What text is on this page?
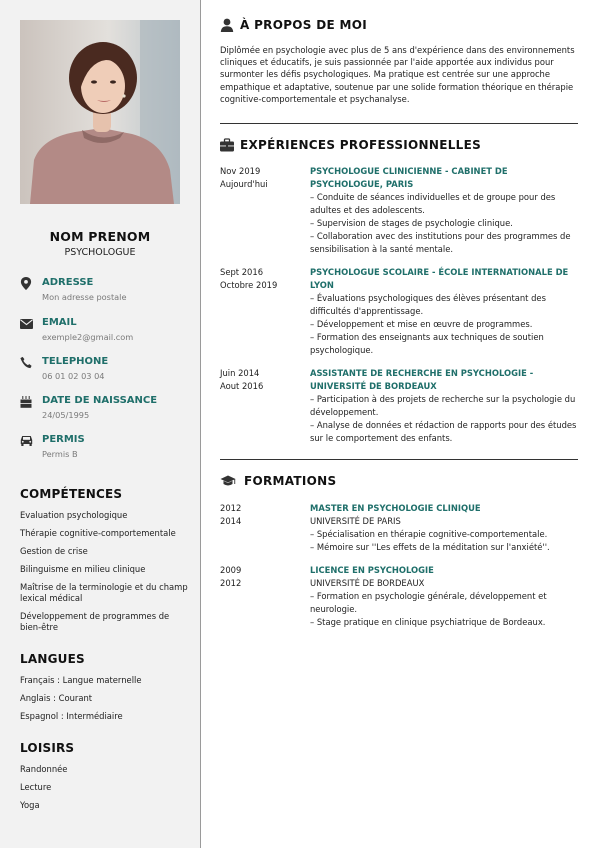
NOM PRENOM
PSYCHOLOGUE
ADRESSE
Mon adresse postale
EMAIL
exemple2@gmail.com
TELEPHONE
06 01 02 03 04
DATE DE NAISSANCE
24/05/1995
PERMIS
Permis B
COMPÉTENCES
Evaluation psychologique
Thérapie cognitive-comportementale
Gestion de crise
Bilinguisme en milieu clinique
Maîtrise de la terminologie et du champ lexical médical
Développement de programmes de bien-être
LANGUES
Français : Langue maternelle
Anglais : Courant
Espagnol : Intermédiaire
LOISIRS
Randonnée
Lecture
Yoga
À PROPOS DE MOI
Diplômée en psychologie avec plus de 5 ans d'expérience dans des environnements cliniques et éducatifs, je suis passionnée par l'aide apportée aux individus pour surmonter les défis psychologiques. Ma pratique est centrée sur une approche empathique et adaptative, soutenue par une solide formation théorique en thérapie cognitive-comportementale et psychanalyse.
EXPÉRIENCES PROFESSIONNELLES
Nov 2019
Aujourd'hui
PSYCHOLOGUE CLINICIENNE - CABINET DE PSYCHOLOGUE, PARIS
– Conduite de séances individuelles et de groupe pour des adultes et des adolescents.
– Supervision de stages de psychologie clinique.
– Collaboration avec des institutions pour des programmes de sensibilisation à la santé mentale.
Sept 2016
Octobre 2019
PSYCHOLOGUE SCOLAIRE - ÉCOLE INTERNATIONALE DE LYON
– Évaluations psychologiques des élèves présentant des difficultés d'apprentissage.
– Développement et mise en œuvre de programmes.
– Formation des enseignants aux techniques de soutien psychologique.
Juin 2014
Aout 2016
ASSISTANTE DE RECHERCHE EN PSYCHOLOGIE - UNIVERSITÉ DE BORDEAUX
– Participation à des projets de recherche sur la psychologie du développement.
– Analyse de données et rédaction de rapports pour des études sur le comportement des enfants.
FORMATIONS
2012
2014
MASTER EN PSYCHOLOGIE CLINIQUE
UNIVERSITÉ DE PARIS
– Spécialisation en thérapie cognitive-comportementale.
– Mémoire sur ''Les effets de la méditation sur l'anxiété''.
2009
2012
LICENCE EN PSYCHOLOGIE
UNIVERSITÉ DE BORDEAUX
– Formation en psychologie générale, développement et neurologie.
– Stage pratique en clinique psychiatrique de Bordeaux.
